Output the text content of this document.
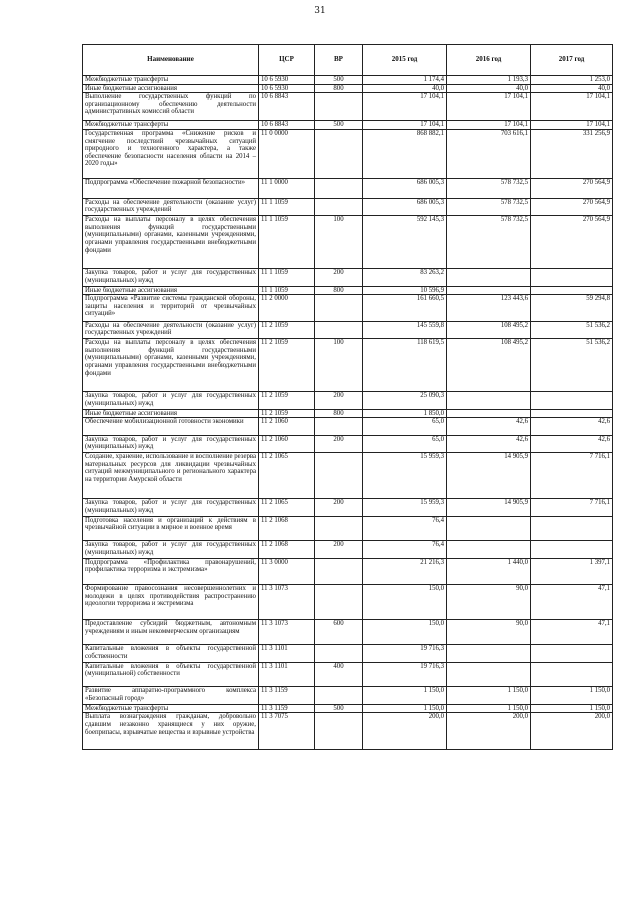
31
Наименование	ЦСР	ВР	2015 год	2016 год	2017 год
Межбюджетные трансферты	10 6 5930	500	1 174,4	1 193,3	1 253,0
Иные бюджетные ассигнования	10 6 5930	800	40,0	40,0	40,0
Выполнение государственных функций по организационному обеспечению деятельности административных комиссий области	10 6 8843		17 104,1	17 104,1	17 104,1
Межбюджетные трансферты	10 6 8843	500	17 104,1	17 104,1	17 104,1
Государственная программа «Снижение рисков и смягчение последствий чрезвычайных ситуаций природного и техногенного характера, а также обеспечение безопасности населения области на 2014 – 2020 годы»	11 0 0000		868 882,1	703 616,1	331 256,9
Подпрограмма «Обеспечение пожарной безопасности»	11 1 0000		686 005,3	578 732,5	270 564,9
Расходы на обеспечение деятельности (оказание услуг) государственных учреждений	11 1 1059		686 005,3	578 732,5	270 564,9
Расходы на выплаты персоналу в целях обеспечения выполнения функций государственными (муниципальными) органами, казенными учреждениями, органами управления государственными внебюджетными фондами	11 1 1059	100	592 145,3	578 732,5	270 564,9
Закупка товаров, работ и услуг для государственных (муниципальных) нужд	11 1 1059	200	83 263,2		
Иные бюджетные ассигнования	11 1 1059	800	10 596,9		
Подпрограмма «Развитие системы гражданской обороны, защиты населения и территорий от чрезвычайных ситуаций»	11 2 0000		161 660,5	123 443,6	59 294,8
Расходы на обеспечение деятельности (оказание услуг) государственных учреждений	11 2 1059		145 559,8	108 495,2	51 536,2
Расходы на выплаты персоналу в целях обеспечения выполнения функций государственными (муниципальными) органами, казенными учреждениями, органами управления государственными внебюджетными фондами	11 2 1059	100	118 619,5	108 495,2	51 536,2
Закупка товаров, работ и услуг для государственных (муниципальных) нужд	11 2 1059	200	25 090,3		
Иные бюджетные ассигнования	11 2 1059	800	1 850,0		
Обеспечение мобилизационной готовности экономики	11 2 1060		65,0	42,6	42,6
Закупка товаров, работ и услуг для государственных (муниципальных) нужд	11 2 1060	200	65,0	42,6	42,6
Создание, хранение, использование и восполнение резерва материальных ресурсов для ликвидации чрезвычайных ситуаций межмуниципального и регионального характера на территории Амурской области	11 2 1065		15 959,3	14 905,9	7 716,1
Закупка товаров, работ и услуг для государственных (муниципальных) нужд	11 2 1065	200	15 959,3	14 905,9	7 716,1
Подготовка населения и организаций к действиям в чрезвычайной ситуации в мирное и военное время	11 2 1068		76,4		
Закупка товаров, работ и услуг для государственных (муниципальных) нужд	11 2 1068	200	76,4		
Подпрограмма «Профилактика правонарушений, профилактика терроризма и экстремизма»	11 3 0000		21 216,3	1 440,0	1 397,1
Формирование правосознания несовершеннолетних и молодежи в целях противодействия распространению идеологии терроризма и экстремизма	11 3 1073		150,0	90,0	47,1
Предоставление субсидий бюджетным, автономным учреждениям и иным некоммерческим организациям	11 3 1073	600	150,0	90,0	47,1
Капитальные вложения в объекты государственной собственности	11 3 1101		19 716,3		
Капитальные вложения в объекты государственной (муниципальной) собственности	11 3 1101	400	19 716,3		
Развитие аппаратно-программного комплекса «Безопасный город»	11 3 1159		1 150,0	1 150,0	1 150,0
Межбюджетные трансферты	11 3 1159	500	1 150,0	1 150,0	1 150,0
Выплата вознаграждения гражданам, добровольно сдавшим незаконно хранящиеся у них оружие, боеприпасы, взрывчатые вещества и взрывные устройства	11 3 7075		200,0	200,0	200,0
